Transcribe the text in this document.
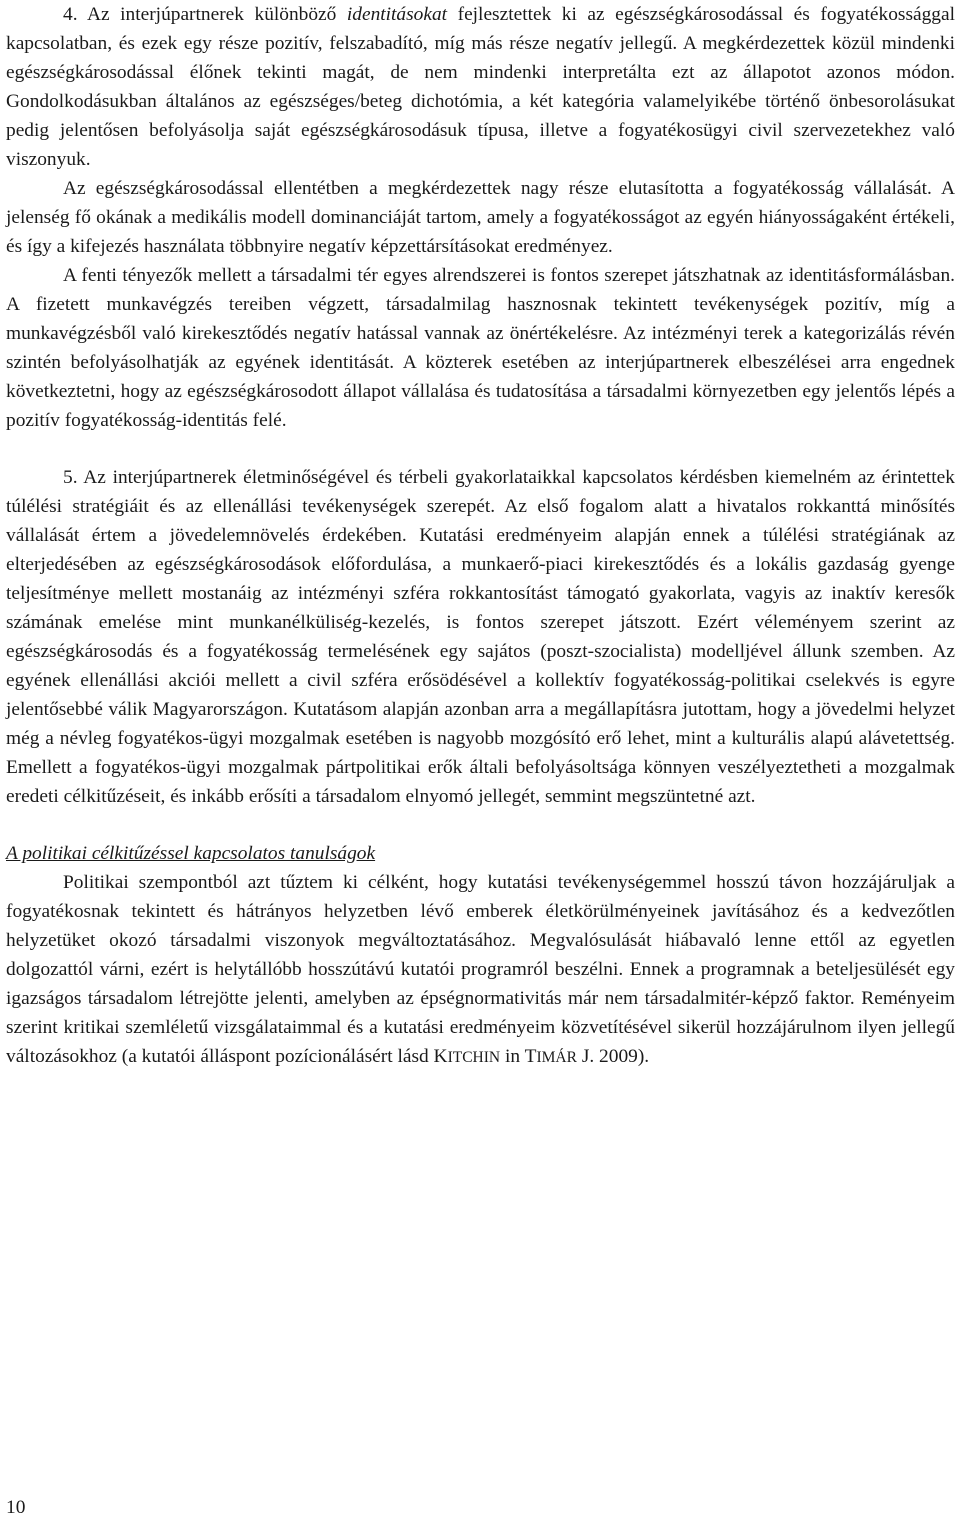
4. Az interjúpartnerek különböző identitásokat fejlesztettek ki az egészségkárosodással és fogyatékossággal kapcsolatban, és ezek egy része pozitív, felszabadító, míg más része negatív jellegű. A megkérdezettek közül mindenki egészségkárosodással élőnek tekinti magát, de nem mindenki interpretálta ezt az állapotot azonos módon. Gondolkodásukban általános az egészséges/beteg dichotómia, a két kategória valamelyikébe történő önbesorolásukat pedig jelentősen befolyásolja saját egészségkárosodásuk típusa, illetve a fogyatékosügyi civil szervezetekhez való viszonyuk.

Az egészségkárosodással ellentétben a megkérdezettek nagy része elutasította a fogyatékosság vállalását. A jelenség fő okának a medikális modell dominanciáját tartom, amely a fogyatékosságot az egyén hiányosságaként értékeli, és így a kifejezés használata többnyire negatív képzettársításokat eredményez.

A fenti tényezők mellett a társadalmi tér egyes alrendszerei is fontos szerepet játszhatnak az identitásformálásban. A fizetett munkavégzés tereiben végzett, társadalmilag hasznosnak tekintett tevékenységek pozitív, míg a munkavégzésből való kirekesztődés negatív hatással vannak az önértékelésre. Az intézményi terek a kategorizálás révén szintén befolyásolhatják az egyének identitását. A közterek esetében az interjúpartnerek elbeszélései arra engednek következtetni, hogy az egészségkárosodott állapot vállalása és tudatosítása a társadalmi környezetben egy jelentős lépés a pozitív fogyatékosság-identitás felé.

5. Az interjúpartnerek életminőségével és térbeli gyakorlataikkal kapcsolatos kérdésben kiemelném az érintettek túlélési stratégiáit és az ellenállási tevékenységek szerepét. Az első fogalom alatt a hivatalos rokkanttá minősítés vállalását értem a jövedelemnövelés érdekében. Kutatási eredményeim alapján ennek a túlélési stratégiának az elterjedésében az egészségkárosodások előfordulása, a munkaerő-piaci kirekesztődés és a lokális gazdaság gyenge teljesítménye mellett mostanáig az intézményi szféra rokkantosítást támogató gyakorlata, vagyis az inaktív keresők számának emelése mint munkanélküliség-kezelés, is fontos szerepet játszott. Ezért véleményem szerint az egészségkárosodás és a fogyatékosság termelésének egy sajátos (poszt-szocialista) modelljével állunk szemben. Az egyének ellenállási akciói mellett a civil szféra erősödésével a kollektív fogyatékosság-politikai cselekvés is egyre jelentősebbé válik Magyarországon. Kutatásom alapján azonban arra a megállapításra jutottam, hogy a jövedelmi helyzet még a névleg fogyatékos-ügyi mozgalmak esetében is nagyobb mozgósító erő lehet, mint a kulturális alapú alávetettség. Emellett a fogyatékos-ügyi mozgalmak pártpolitikai erők általi befolyásoltsága könnyen veszélyeztetheti a mozgalmak eredeti célkitűzéseit, és inkább erősíti a társadalom elnyomó jellegét, semmint megszüntetné azt.

A politikai célkitűzéssel kapcsolatos tanulságok

Politikai szempontból azt tűztem ki célként, hogy kutatási tevékenységemmel hosszú távon hozzájáruljak a fogyatékosnak tekintett és hátrányos helyzetben lévő emberek életkörülményeinek javításához és a kedvezőtlen helyzetüket okozó társadalmi viszonyok megváltoztatásához. Megvalósulását hiábavaló lenne ettől az egyetlen dolgozattól várni, ezért is helytállóbb hosszútávú kutatói programról beszélni. Ennek a programnak a beteljesülését egy igazságos társadalom létrejötte jelenti, amelyben az épségnormativitás már nem társadalmitér-képző faktor. Reményeim szerint kritikai szemléletű vizsgálataimmal és a kutatási eredményeim közvetítésével sikerül hozzájárulnom ilyen jellegű változásokhoz (a kutatói álláspont pozícionálásért lásd KITCHIN in TIMÁR J. 2009).

10
